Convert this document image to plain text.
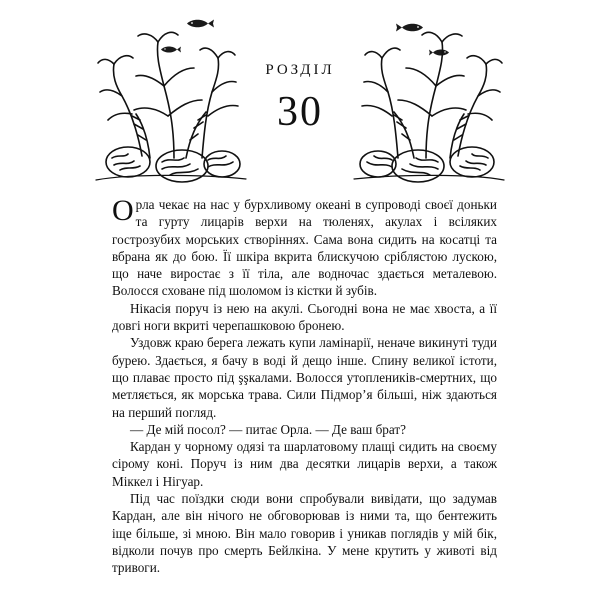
РОЗДІЛ
30

Орла чекає на нас у бурхливому океані в супроводі своєї доньки та гурту лицарів верхи на тюленях, акулах і всіляких гострозубих морських створіннях. Сама вона сидить на косатці та вбрана як до бою. Її шкіра вкрита блискучою сріблястою лускою, що наче виростає з її тіла, але водночас здається металевою. Волосся сховане під шоломом із кістки й зубів.

Нікасія поруч із нею на акулі. Сьогодні вона не має хвоста, а її довгі ноги вкриті черепашковою бронею.

Уздовж краю берега лежать купи ламінарії, неначе викинуті туди бурею. Здається, я бачу в воді й дещо інше. Спину великої істоти, що плаває просто під şşкалами. Волосся утоплеників-смертних, що метляється, як морська трава. Сили Підмор’я більші, ніж здаються на перший погляд.

— Де мій посол? — питає Орла. — Де ваш брат?

Кардан у чорному одязі та шарлатовому плащі сидить на своєму сірому коні. Поруч із ним два десятки лицарів верхи, а також Міккел і Нігуар.

Під час поїздки сюди вони спробували вивідати, що задумав Кардан, але він нічого не обговорював із ними та, що бентежить іще більше, зі мною. Він мало говорив і уникав поглядів у мій бік, відколи почув про смерть Бейлкіна. У мене крутить у животі від тривоги.
